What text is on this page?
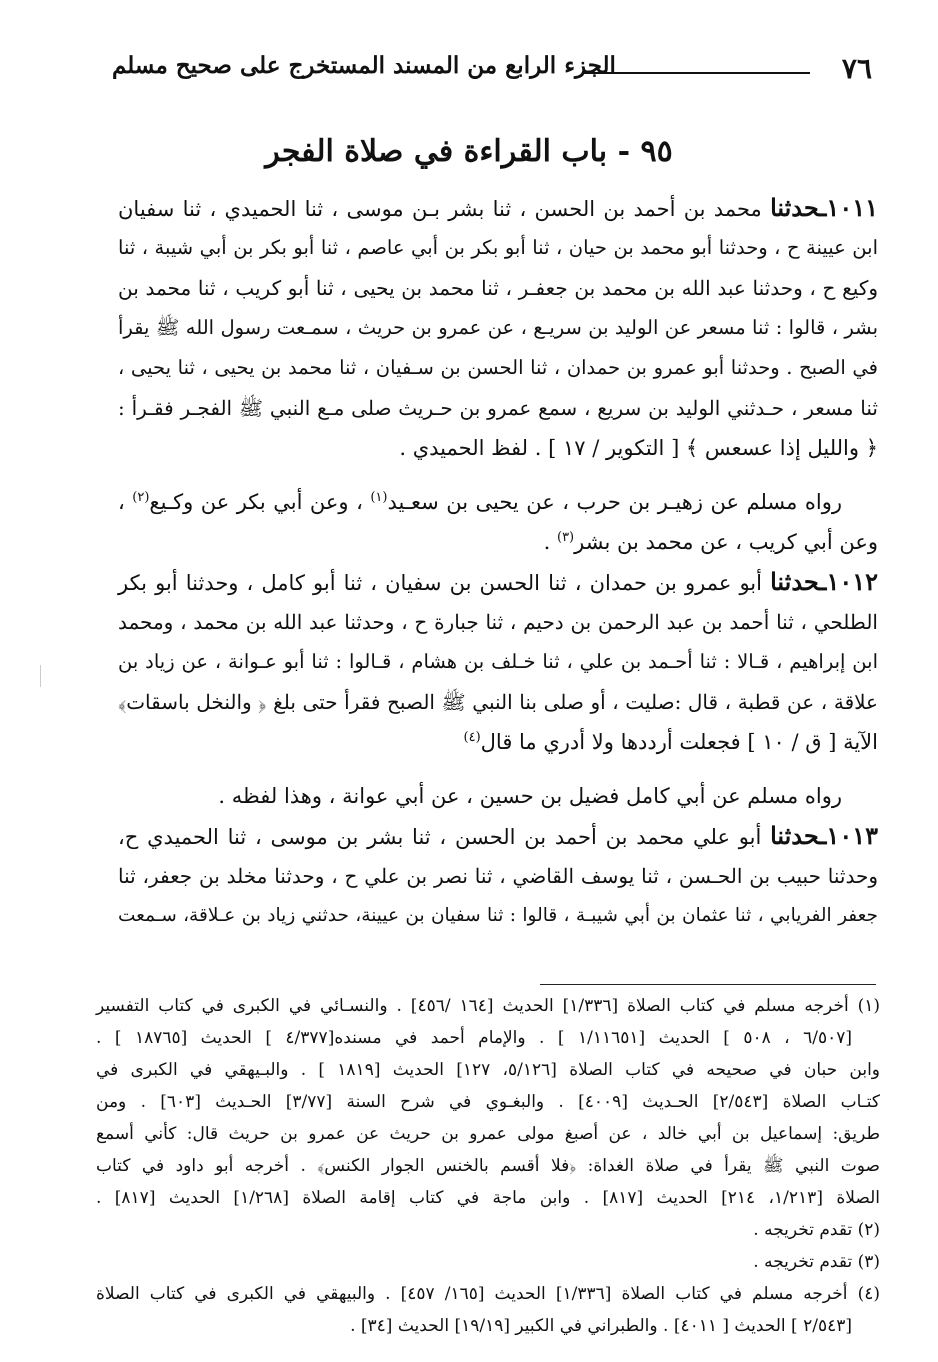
٧٦
الجزء الرابع من المسند المستخرج على صحيح مسلم
٩٥ - باب القراءة في صلاة الفجر
١٠١١ـحدثنا محمد بن أحمد بن الحسن ، ثنا بشر بـن موسى ، ثنا الحميدي ، ثنا سفيان
ابن عيينة ح ، وحدثنا أبو محمد بن حيان ، ثنا أبو بكر بن أبي عاصم ، ثنا أبو بكر بن أبي شيبة ، ثنا
وكيع ح ، وحدثنا عبد الله بن محمد بن جعفـر ، ثنا محمد بن يحيى ، ثنا أبو كريب ، ثنا محمد بن
بشر ، قالوا : ثنا مسعر عن الوليد بن سريـع ، عن عمرو بن حريث ، سمـعت رسول الله ﷺ يقرأ
في الصبح . وحدثنا أبو عمرو بن حمدان ، ثنا الحسن بن سـفيان ، ثنا محمد بن يحيى ، ثنا يحيى ،
ثنا مسعر ، حـدثني الوليد بن سريع ، سمع عمرو بن حـريث صلى مـع النبي ﷺ الفجـر فقـرأ :
﴿ والليل إذا عسعس ﴾ [ التكوير / ١٧ ] . لفظ الحميدي .
رواه مسلم عن زهيـر بن حرب ، عن يحيى بن سعـيد$^{(١)}$ ، وعن أبي بكر عن وكـيع$^{(٢)}$ ،
وعن أبي كريب ، عن محمد بن بشر$^{(٣)}$ .
١٠١٢ـحدثنا أبو عمرو بن حمدان ، ثنا الحسن بن سفيان ، ثنا أبو كامل ، وحدثنا أبو بكر
الطلحي ، ثنا أحمد بن عبد الرحمن بن دحيم ، ثنا جبارة ح ، وحدثنا عبد الله بن محمد ، ومحمد
ابن إبراهيم ، قـالا : ثنا أحـمد بن علي ، ثنا خـلف بن هشام ، قـالوا : ثنا أبو عـوانة ، عن زياد بن
علاقة ، عن قطبة ، قال :صليت ، أو صلى بنا النبي ﷺ الصبح فقرأ حتى بلغ ﴿ والنخل باسقات﴾
الآية [ ق / ١٠ ] فجعلت أرددها ولا أدري ما قال$^{(٤)}$
رواه مسلم عن أبي كامل فضيل بن حسين ، عن أبي عوانة ، وهذا لفظه .
١٠١٣ـحدثنا أبو علي محمد بن أحمد بن الحسن ، ثنا بشر بن موسى ، ثنا الحميدي ح،
وحدثنا حبيب بن الحـسن ، ثنا يوسف القاضي ، ثنا نصر بن علي ح ، وحدثنا مخلد بن جعفر، ثنا
جعفر الفريابي ، ثنا عثمان بن أبي شيبـة ، قالوا : ثنا سفيان بن عيينة، حدثني زياد بن عـلاقة، سـمعت
(١) أخرجه مسلم في كتاب الصلاة [١/٣٣٦] الحديث [١٦٤ /٤٥٦] . والنسـائي في الكبرى في كتاب التفسير
[٦/٥٠٧ ، ٥٠٨ ] الحديث [١/١١٦٥١ ] . والإمام أحمد في مسنده[٤/٣٧٧ ] الحديث [١٨٧٦٥ ] .
وابن حبان في صحيحه في كتاب الصلاة [٥/١٢٦، ١٢٧] الحديث [١٨١٩ ] . والبـيهقي في الكبرى في
كتـاب الصلاة [٢/٥٤٣] الحـديث [٤٠٠٩] . والبغـوي في شرح السنة [٣/٧٧] الحـديث [٦٠٣] . ومن
طريق: إسماعيل بن أبي خالد ، عن أصبغ مولى عمرو بن حريث عن عمرو بن حريث قال: كأني أسمع
صوت النبي ﷺ يقرأ في صلاة الغداة: ﴿فلا أقسم بالخنس الجوار الكنس﴾ . أخرجه أبو داود في كتاب
الصلاة [١/٢١٣، ٢١٤] الحديث [٨١٧] . وابن ماجة في كتاب إقامة الصلاة [١/٢٦٨] الحديث [٨١٧] .
(٢) تقدم تخريجه .
(٣) تقدم تخريجه .
(٤) أخرجه مسلم في كتاب الصلاة [١/٣٣٦] الحديث [١٦٥/ ٤٥٧] . والبيهقي في الكبرى في كتاب الصلاة
[٢/٥٤٣ ] الحديث [ ٤٠١١] . والطبراني في الكبير [١٩/١٩] الحديث [٣٤] .
